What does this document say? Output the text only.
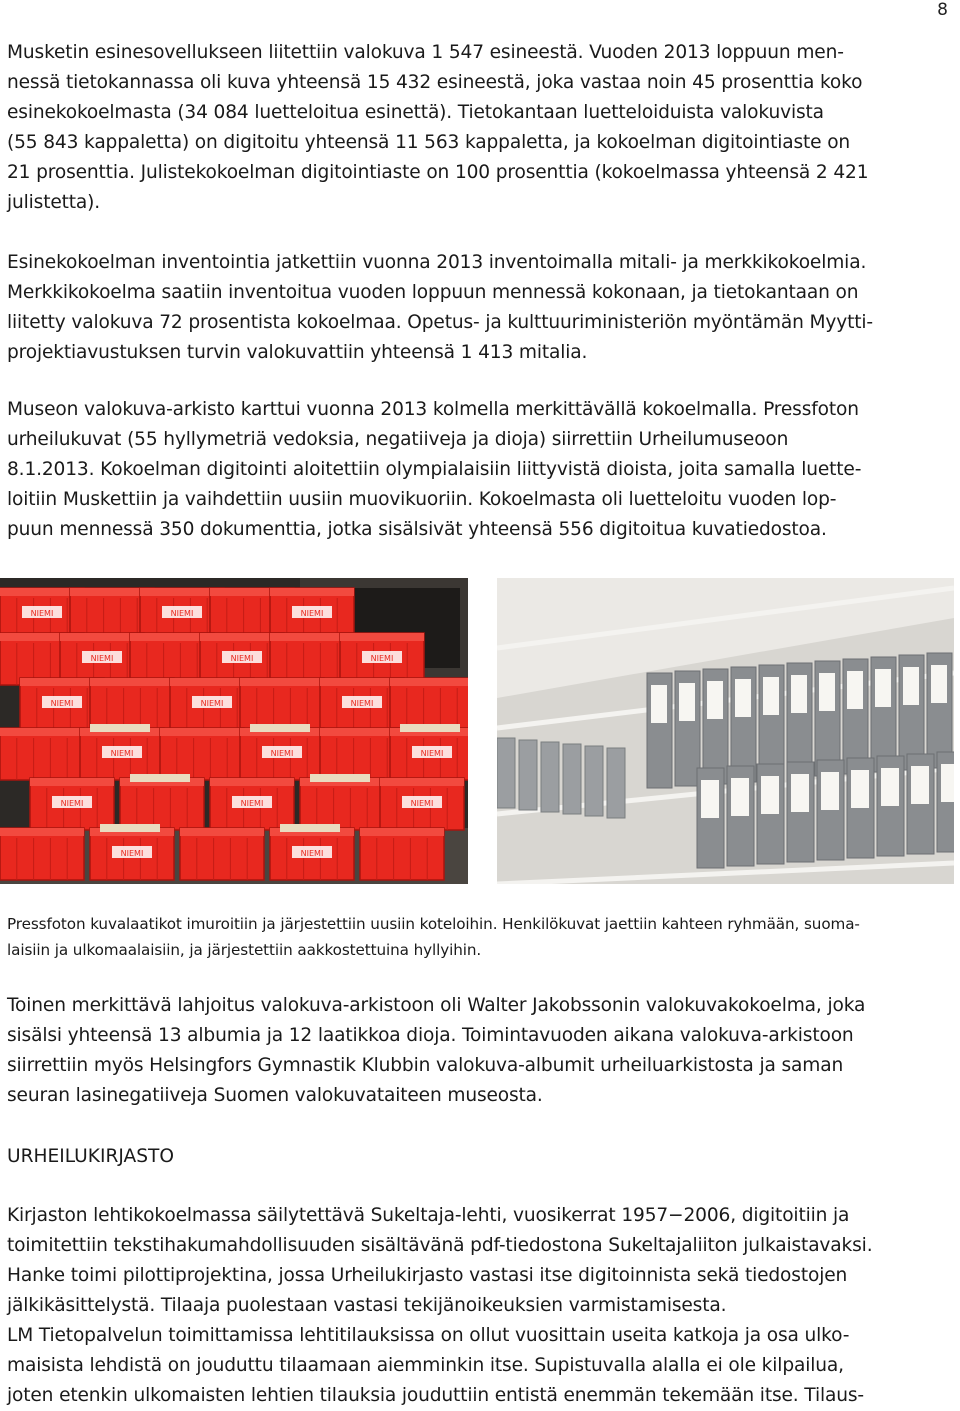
8

Musketin esinesovellukseen liitettiin valokuva 1 547 esineestä. Vuoden 2013 loppuun men-
nessä tietokannassa oli kuva yhteensä 15 432 esineestä, joka vastaa noin 45 prosenttia koko
esinekokoelmasta (34 084 luetteloitua esinettä). Tietokantaan luetteloiduista valokuvista
(55 843 kappaletta) on digitoitu yhteensä 11 563 kappaletta, ja kokoelman digitointiaste on
21 prosenttia. Julistekokoelman digitointiaste on 100 prosenttia (kokoelmassa yhteensä 2 421
julistetta).

Esinekokoelman inventointia jatkettiin vuonna 2013 inventoimalla mitali- ja merkkikokoelmia.
Merkkikokoelma saatiin inventoitua vuoden loppuun mennessä kokonaan, ja tietokantaan on
liitetty valokuva 72 prosentista kokoelmaa. Opetus- ja kulttuuriministeriön myöntämän Myytti-
projektiavustuksen turvin valokuvattiin yhteensä 1 413 mitalia.

Museon valokuva-arkisto karttui vuonna 2013 kolmella merkittävällä kokoelmalla. Pressfoton
urheilukuvat (55 hyllymetriä vedoksia, negatiiveja ja dioja) siirrettiin Urheilumuseoon
8.1.2013. Kokoelman digitointi aloitettiin olympialaisiin liittyvistä dioista, joita samalla luette-
loitiin Muskettiin ja vaihdettiin uusiin muovikuoriin. Kokoelmasta oli luetteloitu vuoden lop-
puun mennessä 350 dokumenttia, jotka sisälsivät yhteensä 556 digitoitua kuvatiedostoa.

NIEMI	NIEMI	NIEMI
NIEMI	NIEMI	NIEMI
NIEMI	NIEMI	NIEMI
NIEMI	NIEMI	NIEMI
NIEMI	NIEMI	NIEMI
NIEMI	NIEMI

Pressfoton kuvalaatikot imuroitiin ja järjestettiin uusiin koteloihin. Henkilökuvat jaettiin kahteen ryhmään, suoma-
laisiin ja ulkomaalaisiin, ja järjestettiin aakkostettuina hyllyihin.

Toinen merkittävä lahjoitus valokuva-arkistoon oli Walter Jakobssonin valokuvakokoelma, joka
sisälsi yhteensä 13 albumia ja 12 laatikkoa dioja. Toimintavuoden aikana valokuva-arkistoon
siirrettiin myös Helsingfors Gymnastik Klubbin valokuva-albumit urheiluarkistosta ja saman
seuran lasinegatiiveja Suomen valokuvataiteen museosta.

URHEILUKIRJASTO

Kirjaston lehtikokoelmassa säilytettävä Sukeltaja-lehti, vuosikerrat 1957−2006, digitoitiin ja
toimitettiin tekstihakumahdollisuuden sisältävänä pdf-tiedostona Sukeltajaliiton julkaistavaksi.
Hanke toimi pilottiprojektina, jossa Urheilukirjasto vastasi itse digitoinnista sekä tiedostojen
jälkikäsittelystä. Tilaaja puolestaan vastasi tekijänoikeuksien varmistamisesta.
LM Tietopalvelun toimittamissa lehtitilauksissa on ollut vuosittain useita katkoja ja osa ulko-
maisista lehdistä on jouduttu tilaamaan aiemminkin itse. Supistuvalla alalla ei ole kilpailua,
joten etenkin ulkomaisten lehtien tilauksia jouduttiin entistä enemmän tekemään itse. Tilaus-
